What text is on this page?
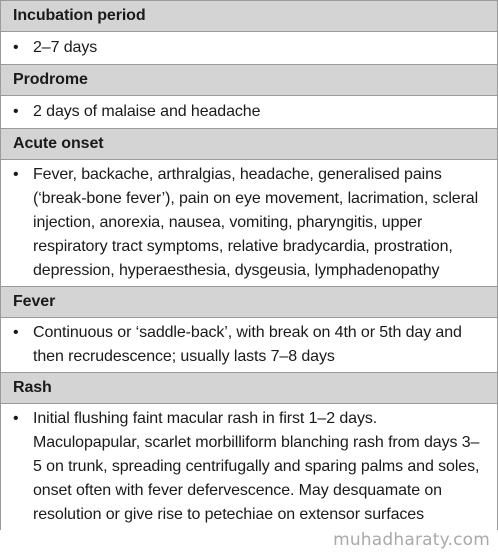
Incubation period
• 2–7 days
Prodrome
• 2 days of malaise and headache
Acute onset
• Fever, backache, arthralgias, headache, generalised pains (‘break-bone fever’), pain on eye movement, lacrimation, scleral injection, anorexia, nausea, vomiting, pharyngitis, upper respiratory tract symptoms, relative bradycardia, prostration, depression, hyperaesthesia, dysgeusia, lymphadenopathy
Fever
• Continuous or ‘saddle-back’, with break on 4th or 5th day and then recrudescence; usually lasts 7–8 days
Rash
• Initial flushing faint macular rash in first 1–2 days. Maculopapular, scarlet morbilliform blanching rash from days 3–5 on trunk, spreading centrifugally and sparing palms and soles, onset often with fever defervescence. May desquamate on resolution or give rise to petechiae on extensor surfaces
muhadharaty.com
